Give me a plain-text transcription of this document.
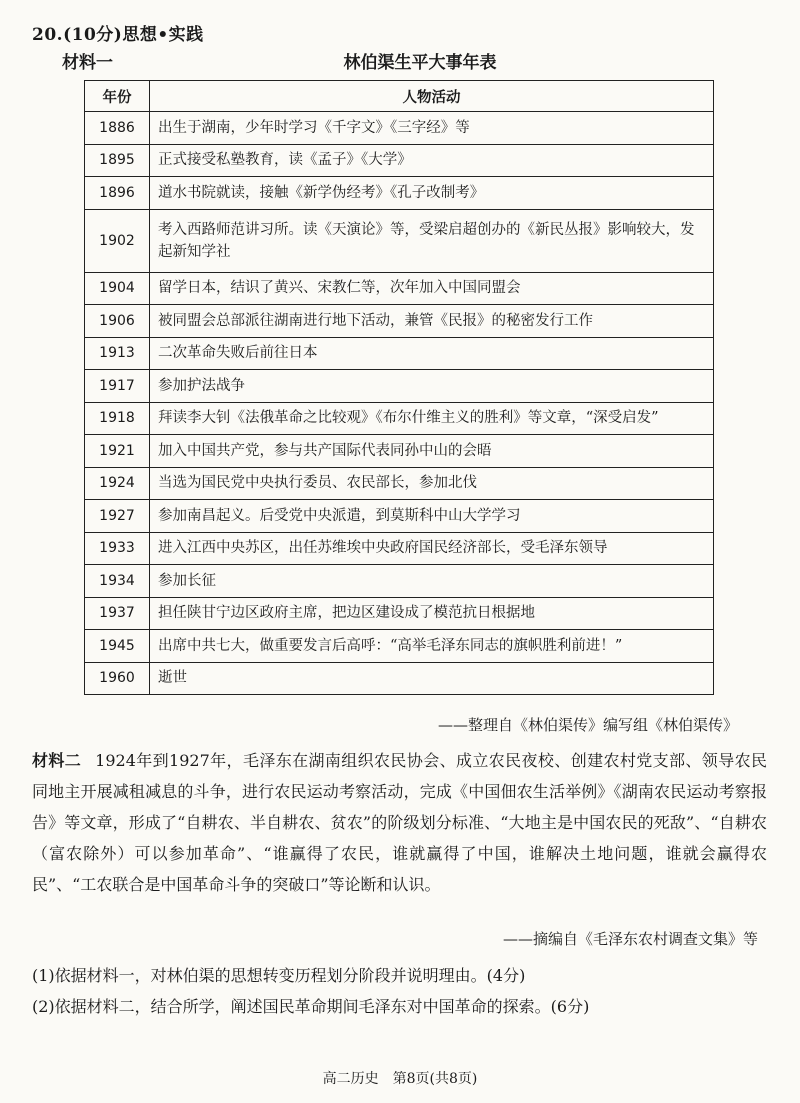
20.(10分)思想•实践
材料一	林伯渠生平大事年表
年份	人物活动
1886	出生于湖南，少年时学习《千字文》《三字经》等
1895	正式接受私塾教育，读《孟子》《大学》
1896	道水书院就读，接触《新学伪经考》《孔子改制考》
1902	考入西路师范讲习所。读《天演论》等，受梁启超创办的《新民丛报》影响较大，发起新知学社
1904	留学日本，结识了黄兴、宋教仁等，次年加入中国同盟会
1906	被同盟会总部派往湖南进行地下活动，兼管《民报》的秘密发行工作
1913	二次革命失败后前往日本
1917	参加护法战争
1918	拜读李大钊《法俄革命之比较观》《布尔什维主义的胜利》等文章，“深受启发”
1921	加入中国共产党，参与共产国际代表同孙中山的会晤
1924	当选为国民党中央执行委员、农民部长，参加北伐
1927	参加南昌起义。后受党中央派遣，到莫斯科中山大学学习
1933	进入江西中央苏区，出任苏维埃中央政府国民经济部长，受毛泽东领导
1934	参加长征
1937	担任陕甘宁边区政府主席，把边区建设成了模范抗日根据地
1945	出席中共七大，做重要发言后高呼：“高举毛泽东同志的旗帜胜利前进！”
1960	逝世
——整理自《林伯渠传》编写组《林伯渠传》
材料二 1924年到1927年，毛泽东在湖南组织农民协会、成立农民夜校、创建农村党支部、领导农民同地主开展减租减息的斗争，进行农民运动考察活动，完成《中国佃农生活举例》《湖南农民运动考察报告》等文章，形成了“自耕农、半自耕农、贫农”的阶级划分标准、“大地主是中国农民的死敌”、“自耕农（富农除外）可以参加革命”、“谁赢得了农民，谁就赢得了中国，谁解决土地问题，谁就会赢得农民”、“工农联合是中国革命斗争的突破口”等论断和认识。
——摘编自《毛泽东农村调查文集》等
(1)依据材料一，对林伯渠的思想转变历程划分阶段并说明理由。(4分)
(2)依据材料二，结合所学，阐述国民革命期间毛泽东对中国革命的探索。(6分)
高二历史　第8页(共8页)
